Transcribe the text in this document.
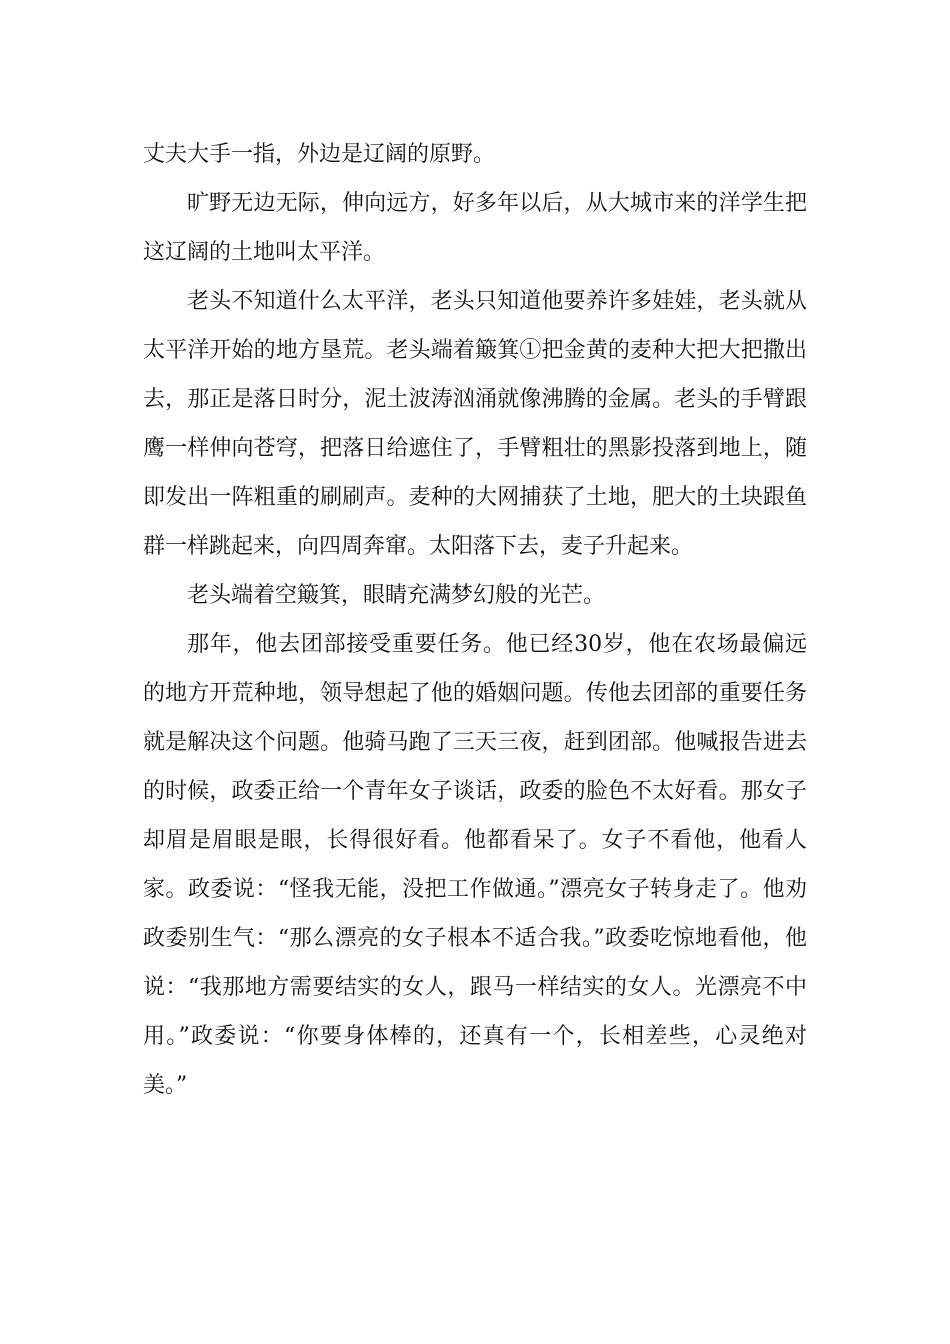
丈夫大手一指，外边是辽阔的原野。

旷野无边无际，伸向远方，好多年以后，从大城市来的洋学生把这辽阔的土地叫太平洋。

老头不知道什么太平洋，老头只知道他要养许多娃娃，老头就从太平洋开始的地方垦荒。老头端着簸箕①把金黄的麦种大把大把撒出去，那正是落日时分，泥土波涛汹涌就像沸腾的金属。老头的手臂跟鹰一样伸向苍穹，把落日给遮住了，手臂粗壮的黑影投落到地上，随即发出一阵粗重的刷刷声。麦种的大网捕获了土地，肥大的土块跟鱼群一样跳起来，向四周奔窜。太阳落下去，麦子升起来。

老头端着空簸箕，眼睛充满梦幻般的光芒。

那年，他去团部接受重要任务。他已经30岁，他在农场最偏远的地方开荒种地，领导想起了他的婚姻问题。传他去团部的重要任务就是解决这个问题。他骑马跑了三天三夜，赶到团部。他喊报告进去的时候，政委正给一个青年女子谈话，政委的脸色不太好看。那女子却眉是眉眼是眼，长得很好看。他都看呆了。女子不看他，他看人家。政委说：“怪我无能，没把工作做通。”漂亮女子转身走了。他劝政委别生气：“那么漂亮的女子根本不适合我。”政委吃惊地看他，他说：“我那地方需要结实的女人，跟马一样结实的女人。光漂亮不中用。”政委说：“你要身体棒的，还真有一个，长相差些，心灵绝对美。”
